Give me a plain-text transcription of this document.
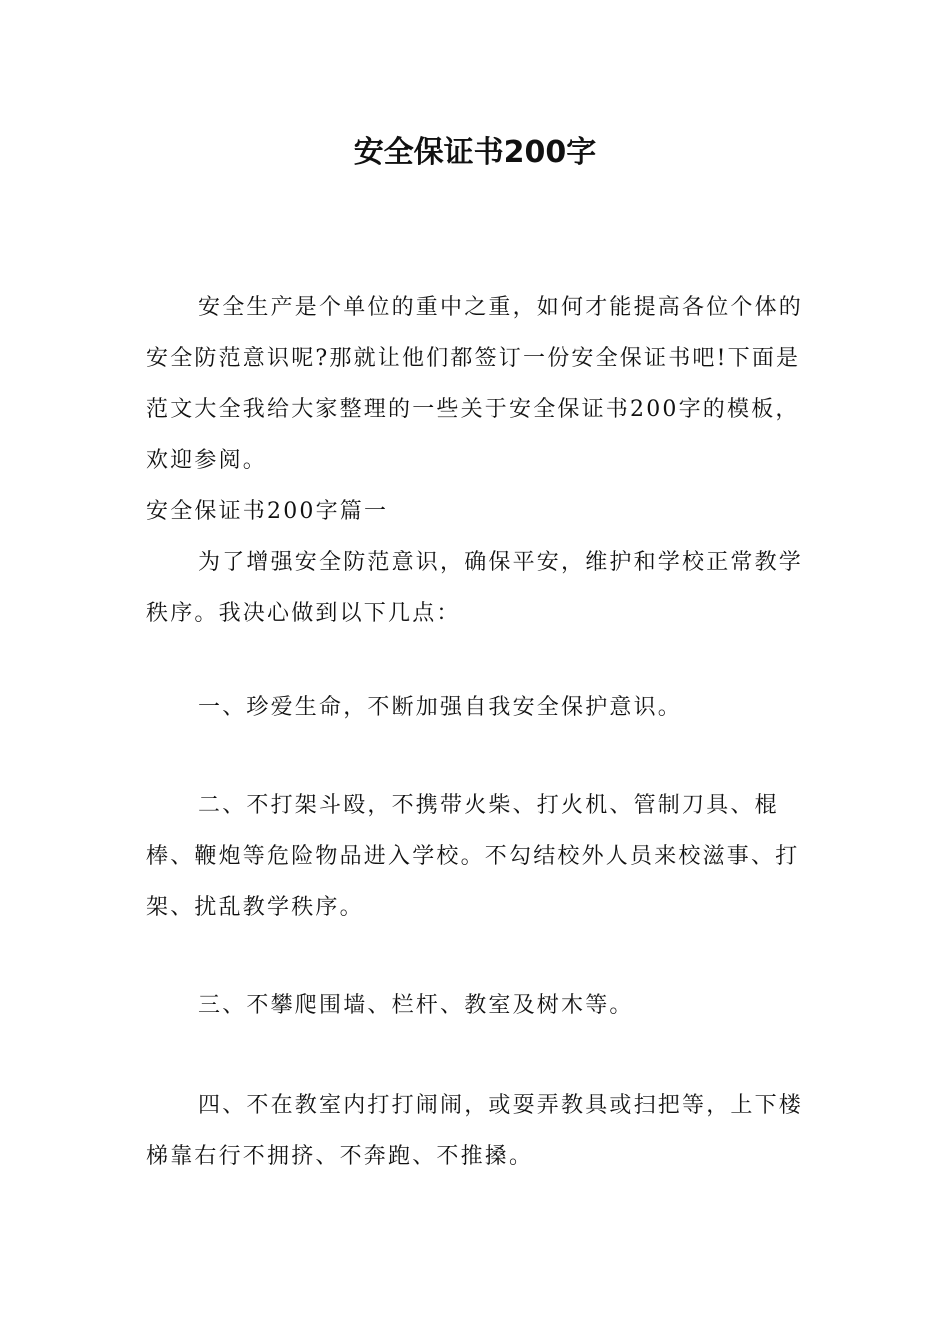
安全保证书200字

安全生产是个单位的重中之重，如何才能提高各位个体的安全防范意识呢?那就让他们都签订一份安全保证书吧!下面是范文大全我给大家整理的一些关于安全保证书200字的模板，欢迎参阅。

安全保证书200字篇一

为了增强安全防范意识，确保平安，维护和学校正常教学秩序。我决心做到以下几点：

一、珍爱生命，不断加强自我安全保护意识。

二、不打架斗殴，不携带火柴、打火机、管制刀具、棍棒、鞭炮等危险物品进入学校。不勾结校外人员来校滋事、打架、扰乱教学秩序。

三、不攀爬围墙、栏杆、教室及树木等。

四、不在教室内打打闹闹，或耍弄教具或扫把等，上下楼梯靠右行不拥挤、不奔跑、不推搡。
